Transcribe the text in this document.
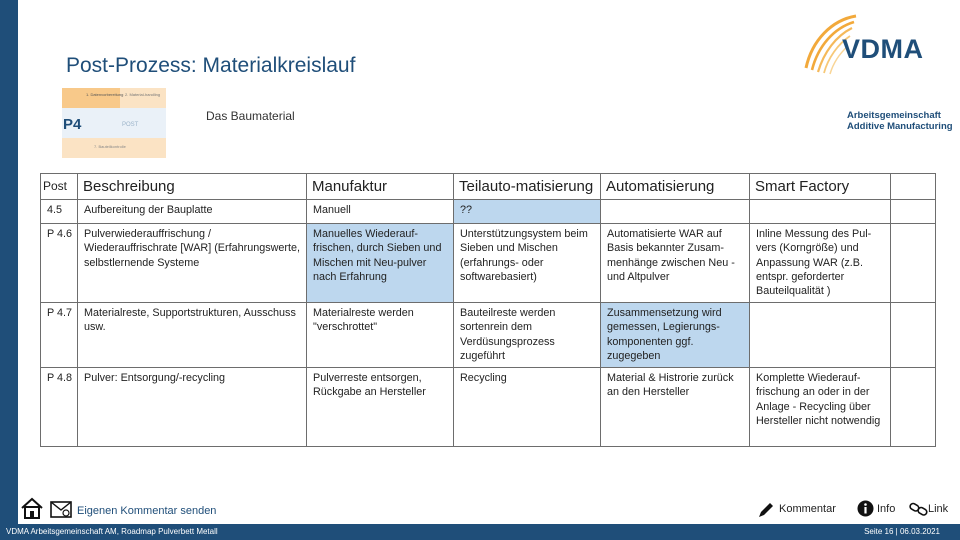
Post-Prozess: Materialkreislauf
1. Datenvorbereitung 2. Material-handling
POST
7. Bauteilkontrolle
P4	Das Baumaterial
VDMA
Arbeitsgemeinschaft
Additive Manufacturing
Post	Beschreibung	Manufaktur	Teilauto-matisierung	Automatisierung	Smart Factory	
4.5	Aufbereitung der Bauplatte	Manuell	??			
P 4.6	Pulverwiederauffrischung / Wiederauffrischrate [WAR] (Erfahrungswerte, selbstlernende Systeme	Manuelles Wiederauf-frischen, durch Sieben und Mischen mit Neu-pulver nach Erfahrung	Unterstützungsystem beim Sieben und Mischen (erfahrungs- oder softwarebasiert)	Automatisierte WAR auf Basis bekannter Zusam-menhänge zwischen Neu - und Altpulver	Inline Messung des Pul-vers (Korngröße) und Anpassung WAR (z.B. entspr. geforderter Bauteilqualität )	
P 4.7	Materialreste, Supportstrukturen, Ausschuss usw.	Materialreste werden "verschrottet"	Bauteilreste werden sortenrein dem Verdüsungsprozess zugeführt	Zusammensetzung wird gemessen, Legierungs-komponenten ggf. zugegeben		
P 4.8	Pulver: Entsorgung/-recycling	Pulverreste entsorgen, Rückgabe an Hersteller	Recycling	Material & Histrorie zurück an den Hersteller	Komplette Wiederauf-frischung an oder in der Anlage - Recycling über Hersteller nicht notwendig	
Eigenen Kommentar senden	Kommentar	Info	Link
VDMA Arbeitsgemeinschaft AM, Roadmap Pulverbett Metall	Seite 16 | 06.03.2021
